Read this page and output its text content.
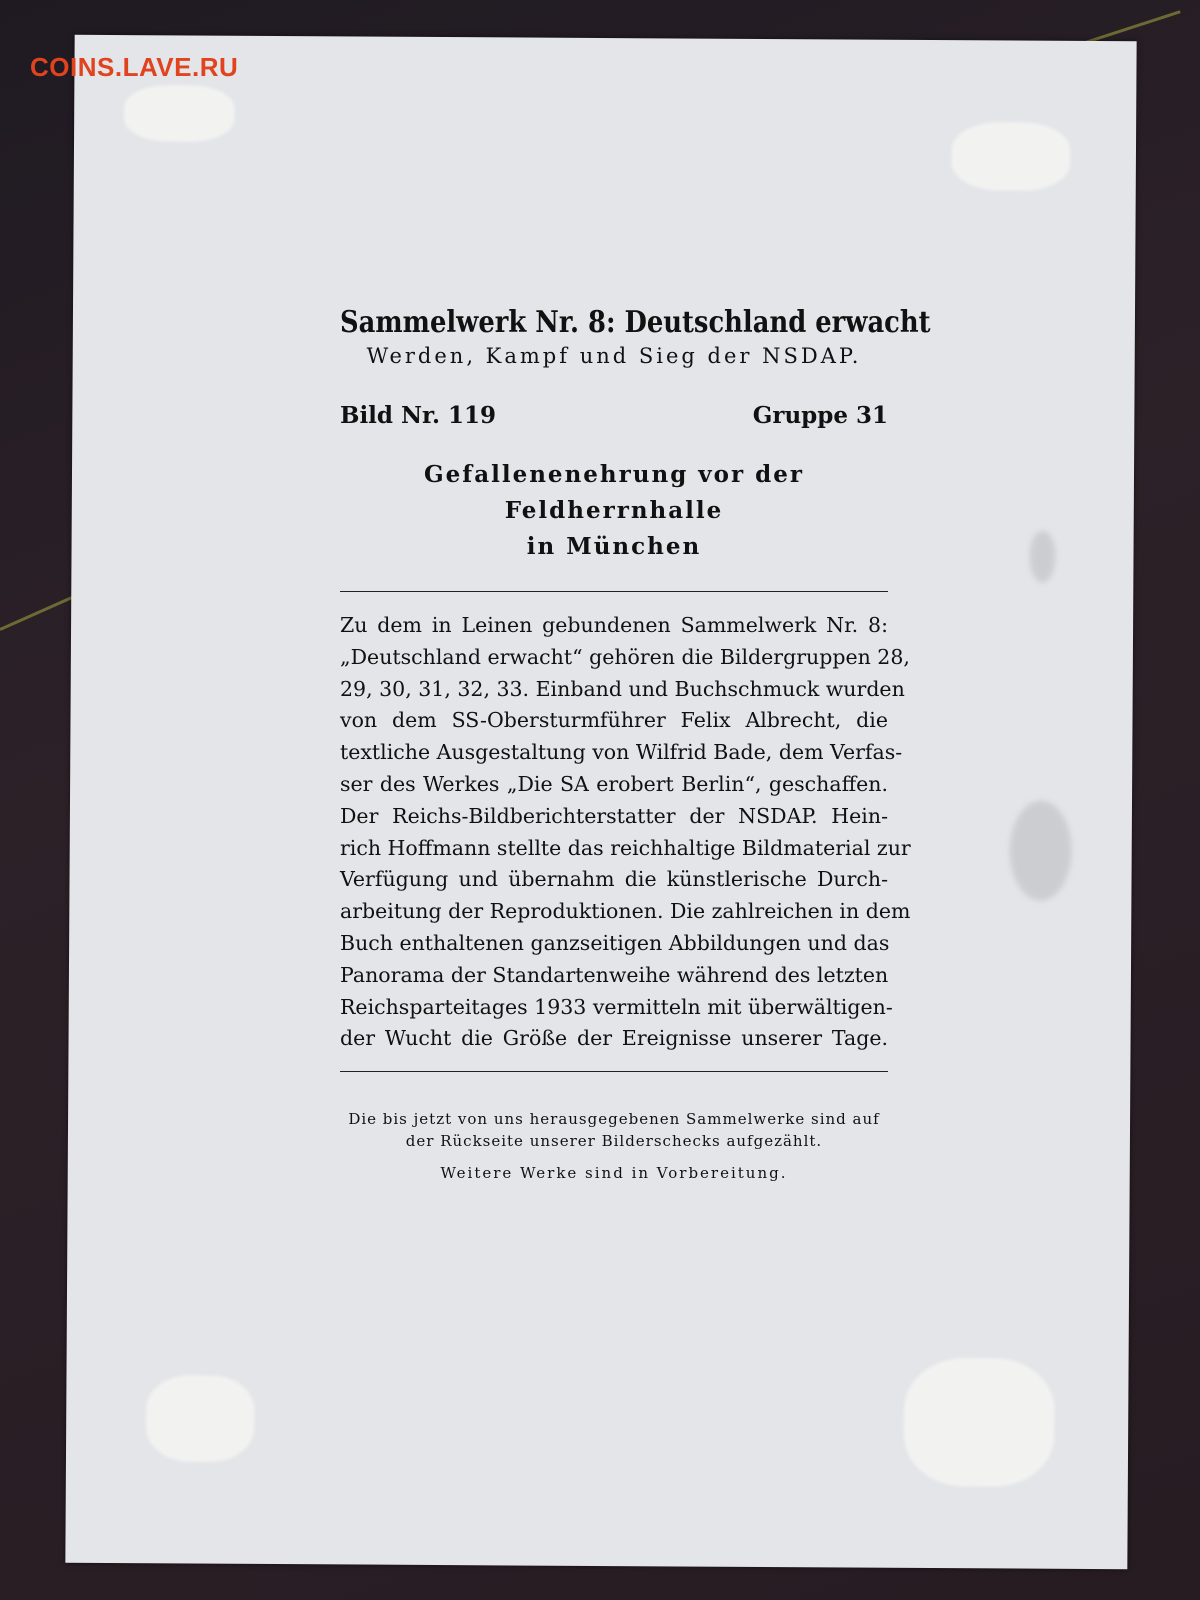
COINS.LAVE.RU
Sammelwerk Nr. 8: Deutschland erwacht
Werden, Kampf und Sieg der NSDAP.
Bild Nr. 119	Gruppe 31
Gefallenenehrung vor der Feldherrnhalle
in München
Zu dem in Leinen gebundenen Sammelwerk Nr. 8:
„Deutschland erwacht“ gehören die Bildergruppen 28,
29, 30, 31, 32, 33. Einband und Buchschmuck wurden
von dem SS-Obersturmführer Felix Albrecht, die
textliche Ausgestaltung von Wilfrid Bade, dem Verfas-
ser des Werkes „Die SA erobert Berlin“, geschaffen.
Der Reichs-Bildberichterstatter der NSDAP. Hein-
rich Hoffmann stellte das reichhaltige Bildmaterial zur
Verfügung und übernahm die künstlerische Durch-
arbeitung der Reproduktionen. Die zahlreichen in dem
Buch enthaltenen ganzseitigen Abbildungen und das
Panorama der Standartenweihe während des letzten
Reichsparteitages 1933 vermitteln mit überwältigen-
der Wucht die Größe der Ereignisse unserer Tage.
Die bis jetzt von uns herausgegebenen Sammelwerke sind auf
der Rückseite unserer Bilderschecks aufgezählt.
Weitere Werke sind in Vorbereitung.
